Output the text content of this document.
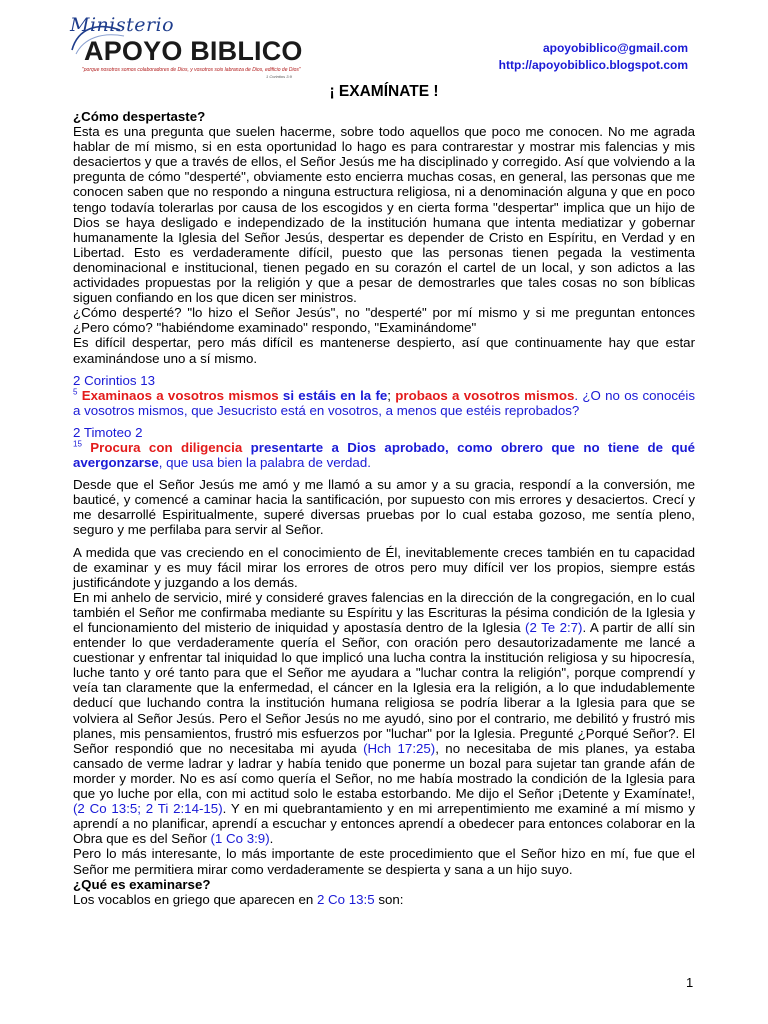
Ministerio
APOYO BIBLICO
"porque nosotros somos colaboradores de Dios, y vosotros sois labranza de Dios, edificio de Dios"
1 Corintios 3:9
apoyobiblico@gmail.com
http://apoyobiblico.blogspot.com
¡ EXAMÍNATE !

¿Cómo despertaste?

Esta es una pregunta que suelen hacerme, sobre todo aquellos que poco me conocen. No me agrada hablar de mí mismo, si en esta oportunidad lo hago es para contrarestar y mostrar mis falencias y mis desaciertos y que a través de ellos, el Señor Jesús me ha disciplinado y corregido. Así que volviendo a la pregunta de cómo "desperté", obviamente esto encierra muchas cosas, en general, las personas que me conocen saben que no respondo a ninguna estructura religiosa, ni a denominación alguna y que en poco tengo todavía tolerarlas por causa de los escogidos y en cierta forma "despertar" implica que un hijo de Dios se haya desligado e independizado de la institución humana que intenta mediatizar y gobernar humanamente la Iglesia del Señor Jesús, despertar es depender de Cristo en Espíritu, en Verdad y en Libertad. Esto es verdaderamente difícil, puesto que las personas tienen pegada la vestimenta denominacional e institucional, tienen pegado en su corazón el cartel de un local, y son adictos a las actividades propuestas por la religión y que a pesar de demostrarles que tales cosas no son bíblicas siguen confiando en los que dicen ser ministros.

¿Cómo desperté? "lo hizo el Señor Jesús", no "desperté" por mí mismo y si me preguntan entonces ¿Pero cómo? "habiéndome examinado" respondo, "Examinándome"

Es difícil despertar, pero más difícil es mantenerse despierto, así que continuamente hay que estar examinándose uno a sí mismo.

2 Corintios 13

$^5$ Examinaos a vosotros mismos si estáis en la fe; probaos a vosotros mismos. ¿O no os conocéis a vosotros mismos, que Jesucristo está en vosotros, a menos que estéis reprobados?

2 Timoteo 2

$^{15}$ Procura con diligencia presentarte a Dios aprobado, como obrero que no tiene de qué avergonzarse, que usa bien la palabra de verdad.

Desde que el Señor Jesús me amó y me llamó a su amor y a su gracia, respondí a la conversión, me bauticé, y comencé a caminar hacia la santificación, por supuesto con mis errores y desaciertos. Crecí y me desarrollé Espiritualmente, superé diversas pruebas por lo cual estaba gozoso, me sentía pleno, seguro y me perfilaba para servir al Señor.

A medida que vas creciendo en el conocimiento de Él, inevitablemente creces también en tu capacidad de examinar y es muy fácil mirar los errores de otros pero muy difícil ver los propios, siempre estás justificándote y juzgando a los demás.

En mi anhelo de servicio, miré y consideré graves falencias en la dirección de la congregación, en lo cual también el Señor me confirmaba mediante su Espíritu y las Escrituras la pésima condición de la Iglesia y el funcionamiento del misterio de iniquidad y apostasía dentro de la Iglesia (2 Te 2:7). A partir de allí sin entender lo que verdaderamente quería el Señor, con oración pero desautorizadamente me lancé a cuestionar y enfrentar tal iniquidad lo que implicó una lucha contra la institución religiosa y su hipocresía, luche tanto y oré tanto para que el Señor me ayudara a "luchar contra la religión", porque comprendí y veía tan claramente que la enfermedad, el cáncer en la Iglesia era la religión, a lo que indudablemente deducí que luchando contra la institución humana religiosa se podría liberar a la Iglesia para que se volviera al Señor Jesús. Pero el Señor Jesús no me ayudó, sino por el contrario, me debilitó y frustró mis planes, mis pensamientos, frustró mis esfuerzos por "luchar" por la Iglesia. Pregunté ¿Porqué Señor?. El Señor respondió que no necesitaba mi ayuda (Hch 17:25), no necesitaba de mis planes, ya estaba cansado de verme ladrar y ladrar y había tenido que ponerme un bozal para sujetar tan grande afán de morder y morder. No es así como quería el Señor, no me había mostrado la condición de la Iglesia para que yo luche por ella, con mi actitud solo le estaba estorbando. Me dijo el Señor ¡Detente y Examínate!, (2 Co 13:5; 2 Ti 2:14-15). Y en mi quebrantamiento y en mi arrepentimiento me examiné a mí mismo y aprendí a no planificar, aprendí a escuchar y entonces aprendí a obedecer para entonces colaborar en la Obra que es del Señor (1 Co 3:9).

Pero lo más interesante, lo más importante de este procedimiento que el Señor hizo en mí, fue que el Señor me permitiera mirar como verdaderamente se despierta y sana a un hijo suyo.

¿Qué es examinarse?

Los vocablos en griego que aparecen en 2 Co 13:5 son:

1
